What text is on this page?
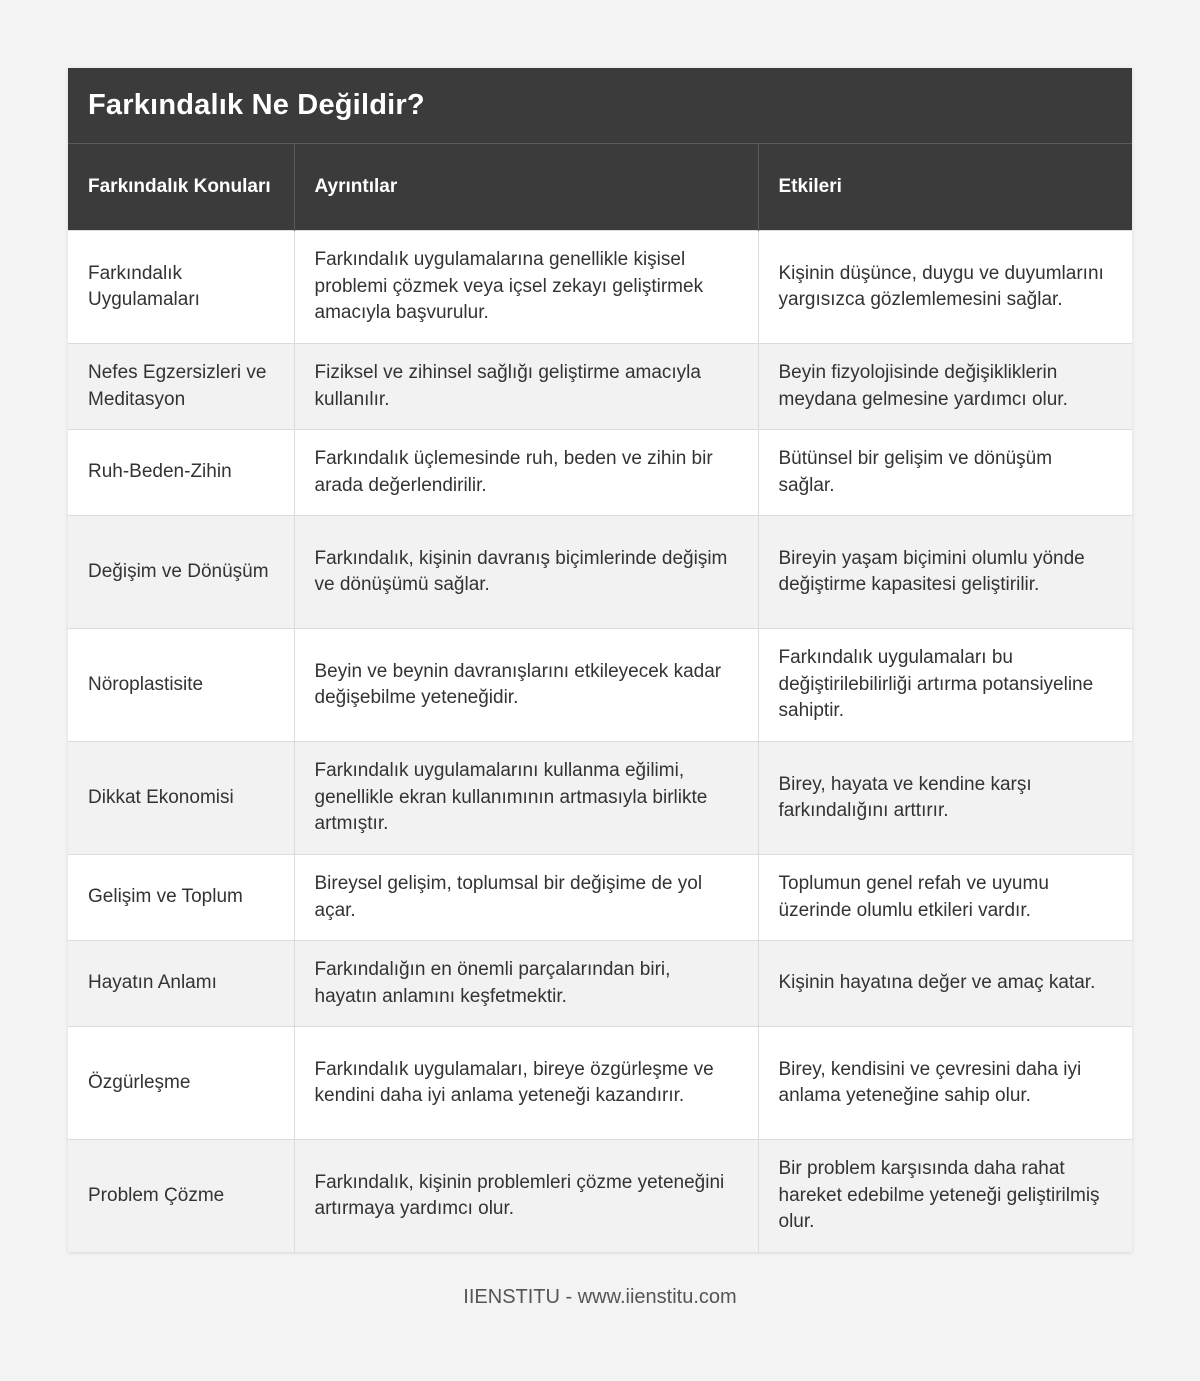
Farkındalık Ne Değildir?
Farkındalık Konuları	Ayrıntılar	Etkileri
Farkındalık Uygulamaları	Farkındalık uygulamalarına genellikle kişisel problemi çözmek veya içsel zekayı geliştirmek amacıyla başvurulur.	Kişinin düşünce, duygu ve duyumlarını yargısızca gözlemlemesini sağlar.
Nefes Egzersizleri ve Meditasyon	Fiziksel ve zihinsel sağlığı geliştirme amacıyla kullanılır.	Beyin fizyolojisinde değişikliklerin meydana gelmesine yardımcı olur.
Ruh-Beden-Zihin	Farkındalık üçlemesinde ruh, beden ve zihin bir arada değerlendirilir.	Bütünsel bir gelişim ve dönüşüm sağlar.
Değişim ve Dönüşüm	Farkındalık, kişinin davranış biçimlerinde değişim ve dönüşümü sağlar.	Bireyin yaşam biçimini olumlu yönde değiştirme kapasitesi geliştirilir.
Nöroplastisite	Beyin ve beynin davranışlarını etkileyecek kadar değişebilme yeteneğidir.	Farkındalık uygulamaları bu değiştirilebilirliği artırma potansiyeline sahiptir.
Dikkat Ekonomisi	Farkındalık uygulamalarını kullanma eğilimi, genellikle ekran kullanımının artmasıyla birlikte artmıştır.	Birey, hayata ve kendine karşı farkındalığını arttırır.
Gelişim ve Toplum	Bireysel gelişim, toplumsal bir değişime de yol açar.	Toplumun genel refah ve uyumu üzerinde olumlu etkileri vardır.
Hayatın Anlamı	Farkındalığın en önemli parçalarından biri, hayatın anlamını keşfetmektir.	Kişinin hayatına değer ve amaç katar.
Özgürleşme	Farkındalık uygulamaları, bireye özgürleşme ve kendini daha iyi anlama yeteneği kazandırır.	Birey, kendisini ve çevresini daha iyi anlama yeteneğine sahip olur.
Problem Çözme	Farkındalık, kişinin problemleri çözme yeteneğini artırmaya yardımcı olur.	Bir problem karşısında daha rahat hareket edebilme yeteneği geliştirilmiş olur.
IIENSTITU - www.iienstitu.com
